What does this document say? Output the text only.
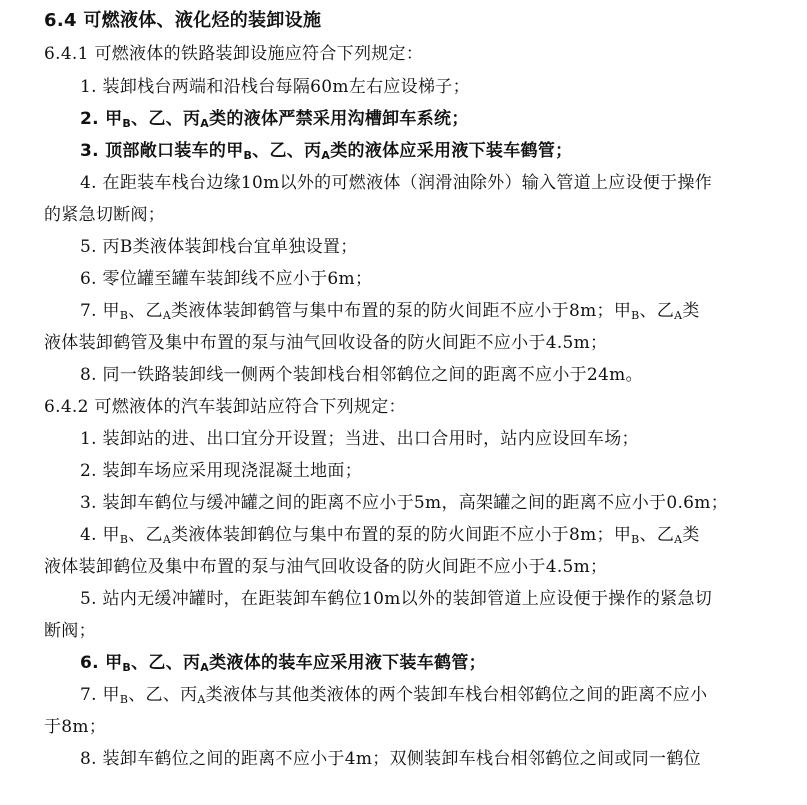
6.4 可燃液体、液化烃的装卸设施
6.4.1 可燃液体的铁路装卸设施应符合下列规定：
1. 装卸栈台两端和沿栈台每隔60m左右应设梯子；
2. 甲$_B$、乙、丙$_A$类的液体严禁采用沟槽卸车系统；
3. 顶部敞口装车的甲$_B$、乙、丙$_A$类的液体应采用液下装车鹤管；
4. 在距装车栈台边缘10m以外的可燃液体（润滑油除外）输入管道上应设便于操作
的紧急切断阀；
5. 丙B类液体装卸栈台宜单独设置；
6. 零位罐至罐车装卸线不应小于6m；
7. 甲$_B$、乙$_A$类液体装卸鹤管与集中布置的泵的防火间距不应小于8m；甲$_B$、乙$_A$类
液体装卸鹤管及集中布置的泵与油气回收设备的防火间距不应小于4.5m；
8. 同一铁路装卸线一侧两个装卸栈台相邻鹤位之间的距离不应小于24m。
6.4.2 可燃液体的汽车装卸站应符合下列规定：
1. 装卸站的进、出口宜分开设置；当进、出口合用时，站内应设回车场；
2. 装卸车场应采用现浇混凝土地面；
3. 装卸车鹤位与缓冲罐之间的距离不应小于5m，高架罐之间的距离不应小于0.6m；
4. 甲$_B$、乙$_A$类液体装卸鹤位与集中布置的泵的防火间距不应小于8m；甲$_B$、乙$_A$类
液体装卸鹤位及集中布置的泵与油气回收设备的防火间距不应小于4.5m；
5. 站内无缓冲罐时，在距装卸车鹤位10m以外的装卸管道上应设便于操作的紧急切
断阀；
6. 甲$_B$、乙、丙$_A$类液体的装车应采用液下装车鹤管；
7. 甲$_B$、乙、丙$_A$类液体与其他类液体的两个装卸车栈台相邻鹤位之间的距离不应小
于8m；
8. 装卸车鹤位之间的距离不应小于4m；双侧装卸车栈台相邻鹤位之间或同一鹤位
